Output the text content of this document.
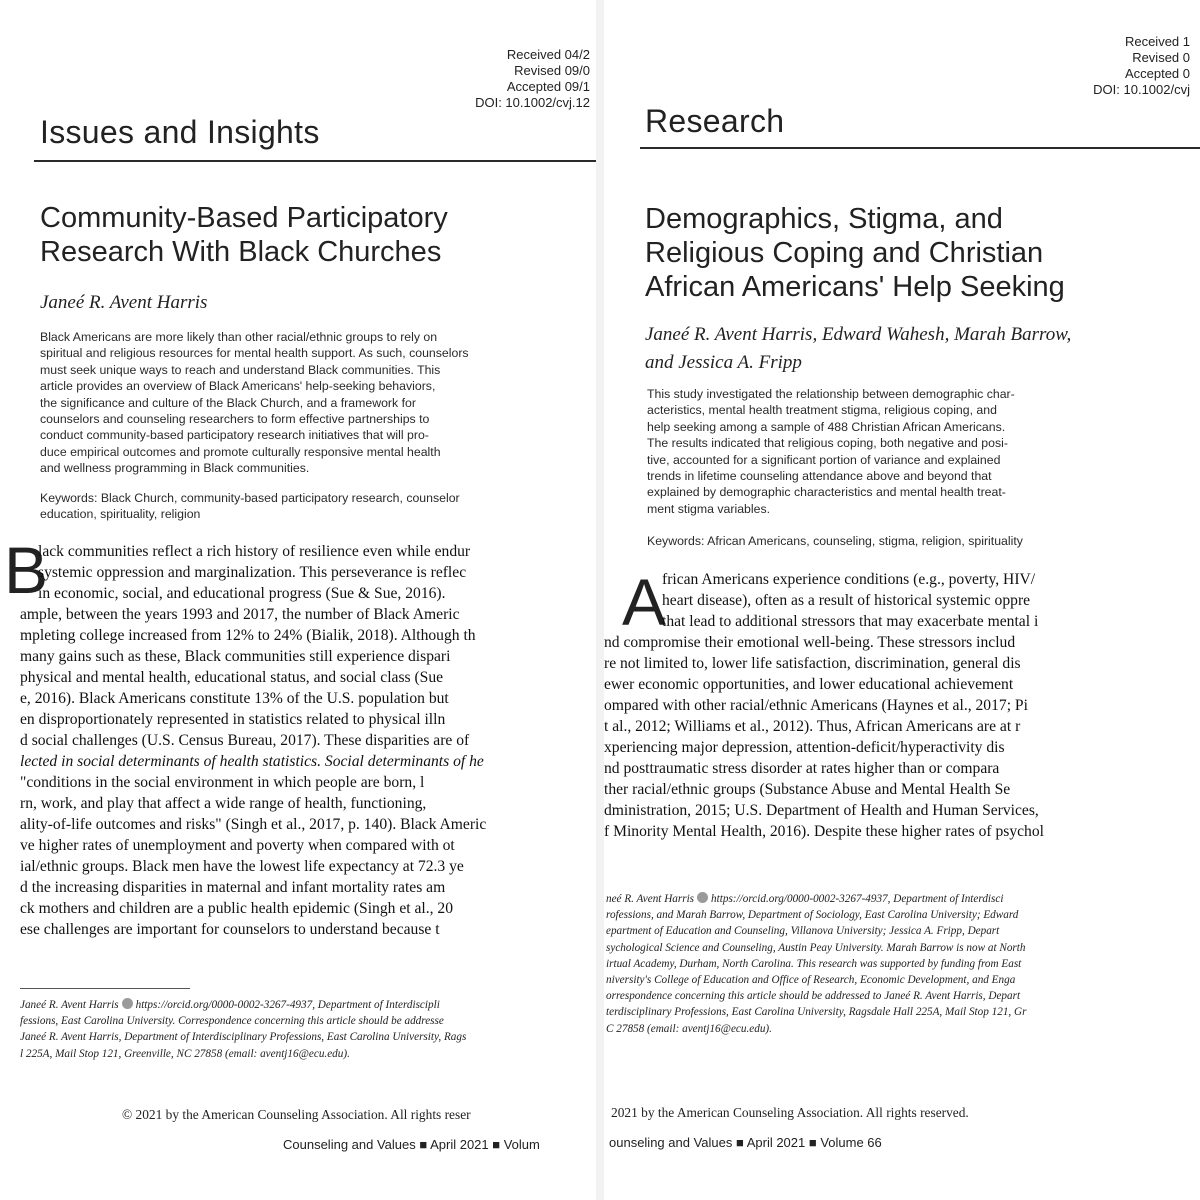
Received 04/2
Revised 09/0
Accepted 09/1
DOI: 10.1002/cvj.12
Issues and Insights
Community-Based Participatory
Research With Black Churches
Janeé R. Avent Harris
Black Americans are more likely than other racial/ethnic groups to rely on
spiritual and religious resources for mental health support. As such, counselors
must seek unique ways to reach and understand Black communities. This
article provides an overview of Black Americans' help-seeking behaviors,
the significance and culture of the Black Church, and a framework for
counselors and counseling researchers to form effective partnerships to
conduct community-based participatory research initiatives that will pro-
duce empirical outcomes and promote culturally responsive mental health
and wellness programming in Black communities.
Keywords: Black Church, community-based participatory research, counselor
education, spirituality, religion
B
lack communities reflect a rich history of resilience even while endur
systemic oppression and marginalization. This perseverance is reflec
in economic, social, and educational progress (Sue & Sue, 2016).
ample, between the years 1993 and 2017, the number of Black Americ
mpleting college increased from 12% to 24% (Bialik, 2018). Although th
many gains such as these, Black communities still experience dispari
physical and mental health, educational status, and social class (Sue
e, 2016). Black Americans constitute 13% of the U.S. population but
en disproportionately represented in statistics related to physical illn
d social challenges (U.S. Census Bureau, 2017). These disparities are of
lected in social determinants of health statistics. Social determinants of he
"conditions in the social environment in which people are born, l
rn, work, and play that affect a wide range of health, functioning,
ality-of-life outcomes and risks" (Singh et al., 2017, p. 140). Black Americ
ve higher rates of unemployment and poverty when compared with ot
ial/ethnic groups. Black men have the lowest life expectancy at 72.3 ye
d the increasing disparities in maternal and infant mortality rates am
ck mothers and children are a public health epidemic (Singh et al., 20
ese challenges are important for counselors to understand because t
Janeé R. Avent Harris https://orcid.org/0000-0002-3267-4937, Department of Interdiscipli
fessions, East Carolina University. Correspondence concerning this article should be addresse
Janeé R. Avent Harris, Department of Interdisciplinary Professions, East Carolina University, Rags
l 225A, Mail Stop 121, Greenville, NC 27858 (email: aventj16@ecu.edu).
© 2021 by the American Counseling Association. All rights reser
Counseling and Values ■ April 2021 ■ Volum
Received 1
Revised 0
Accepted 0
DOI: 10.1002/cvj
Research
Demographics, Stigma, and
Religious Coping and Christian
African Americans' Help Seeking
Janeé R. Avent Harris, Edward Wahesh, Marah Barrow,
and Jessica A. Fripp
This study investigated the relationship between demographic char-
acteristics, mental health treatment stigma, religious coping, and
help seeking among a sample of 488 Christian African Americans.
The results indicated that religious coping, both negative and posi-
tive, accounted for a significant portion of variance and explained
trends in lifetime counseling attendance above and beyond that
explained by demographic characteristics and mental health treat-
ment stigma variables.
Keywords: African Americans, counseling, stigma, religion, spirituality
A
frican Americans experience conditions (e.g., poverty, HIV/
heart disease), often as a result of historical systemic oppre
that lead to additional stressors that may exacerbate mental i
nd compromise their emotional well-being. These stressors includ
re not limited to, lower life satisfaction, discrimination, general dis
ewer economic opportunities, and lower educational achievement
ompared with other racial/ethnic Americans (Haynes et al., 2017; Pi
t al., 2012; Williams et al., 2012). Thus, African Americans are at r
xperiencing major depression, attention-deficit/hyperactivity dis
nd posttraumatic stress disorder at rates higher than or compara
ther racial/ethnic groups (Substance Abuse and Mental Health Se
dministration, 2015; U.S. Department of Health and Human Services,
f Minority Mental Health, 2016). Despite these higher rates of psychol
neé R. Avent Harris https://orcid.org/0000-0002-3267-4937, Department of Interdisci
rofessions, and Marah Barrow, Department of Sociology, East Carolina University; Edward
epartment of Education and Counseling, Villanova University; Jessica A. Fripp, Depart
sychological Science and Counseling, Austin Peay University. Marah Barrow is now at North
irtual Academy, Durham, North Carolina. This research was supported by funding from East
niversity's College of Education and Office of Research, Economic Development, and Enga
orrespondence concerning this article should be addressed to Janeé R. Avent Harris, Depart
terdisciplinary Professions, East Carolina University, Ragsdale Hall 225A, Mail Stop 121, Gr
C 27858 (email: aventj16@ecu.edu).
2021 by the American Counseling Association. All rights reserved.
ounseling and Values ■ April 2021 ■ Volume 66
